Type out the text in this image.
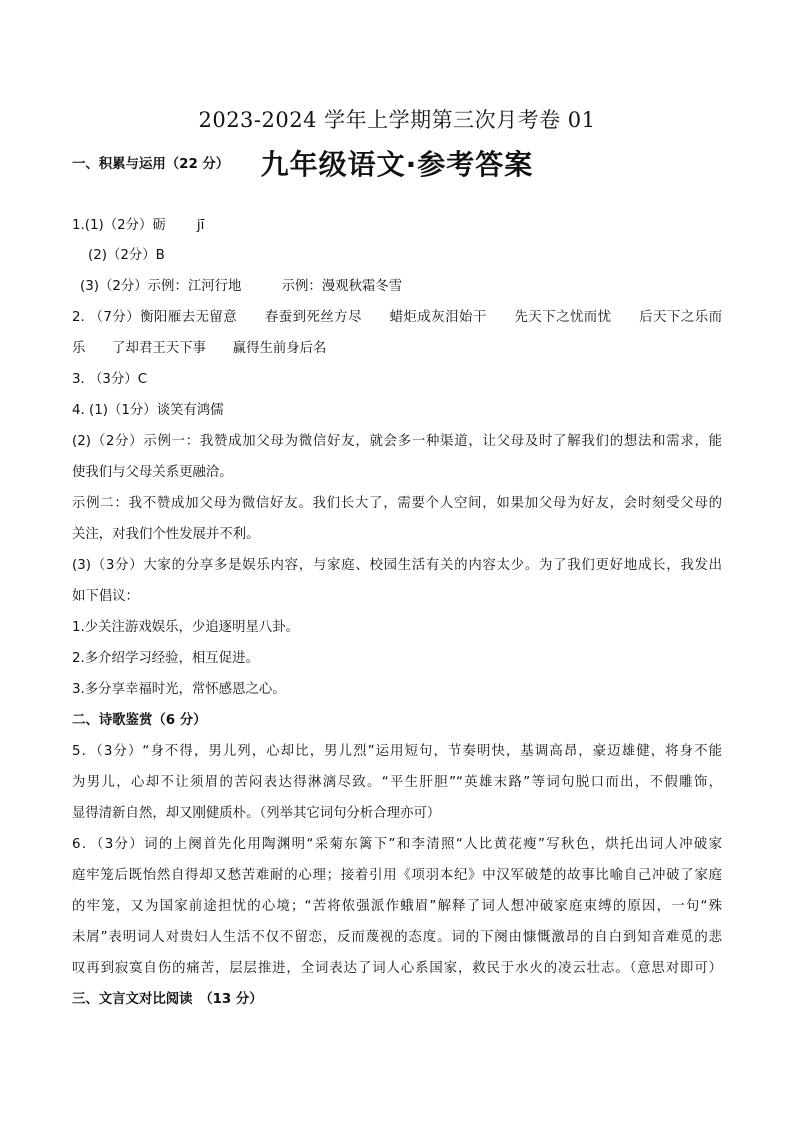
2023-2024 学年上学期第三次月考卷 01
九年级语文·参考答案
一、积累与运用（22 分）
1.(1)（2分）砺　　 jī
(2)（2分）B
(3)（2分）示例：江河行地　　　示例：漫观秋霜冬雪
2. （7分）衡阳雁去无留意　　春蚕到死丝方尽　　蜡炬成灰泪始干　　先天下之忧而忧　　后天下之乐而
乐　　了却君王天下事　　赢得生前身后名
3. （3分）C
4. (1)（1分）谈笑有鸿儒
(2)（2分）示例一：我赞成加父母为微信好友，就会多一种渠道，让父母及时了解我们的想法和需求，能
使我们与父母关系更融洽。
示例二：我不赞成加父母为微信好友。我们长大了，需要个人空间，如果加父母为好友，会时刻受父母的
关注，对我们个性发展并不利。
(3)（3分）大家的分享多是娱乐内容，与家庭、校园生活有关的内容太少。为了我们更好地成长，我发出
如下倡议：
1.少关注游戏娱乐，少追逐明星八卦。
2.多介绍学习经验，相互促进。
3.多分享幸福时光，常怀感恩之心。
二、诗歌鉴赏（6 分）
5．（3分）“身不得，男儿列，心却比，男儿烈”运用短句，节奏明快，基调高昂，豪迈雄健，将身不能
为男儿，心却不让须眉的苦闷表达得淋漓尽致。“平生肝胆”“英雄末路”等词句脱口而出，不假雕饰，
显得清新自然，却又刚健质朴。（列举其它词句分析合理亦可）
6．（3分）词的上阕首先化用陶渊明“采菊东篱下”和李清照“人比黄花瘦”写秋色，烘托出词人冲破家
庭牢笼后既怡然自得却又愁苦难耐的心理；接着引用《项羽本纪》中汉军破楚的故事比喻自己冲破了家庭
的牢笼，又为国家前途担忧的心境；“苦将侬强派作蛾眉”解释了词人想冲破家庭束缚的原因，一句“殊
未屑”表明词人对贵妇人生活不仅不留恋，反而蔑视的态度。词的下阕由慷慨激昂的自白到知音难觅的悲
叹再到寂寞自伤的痛苦，层层推进，全词表达了词人心系国家，救民于水火的凌云壮志。（意思对即可）
三、文言文对比阅读　（13 分）
